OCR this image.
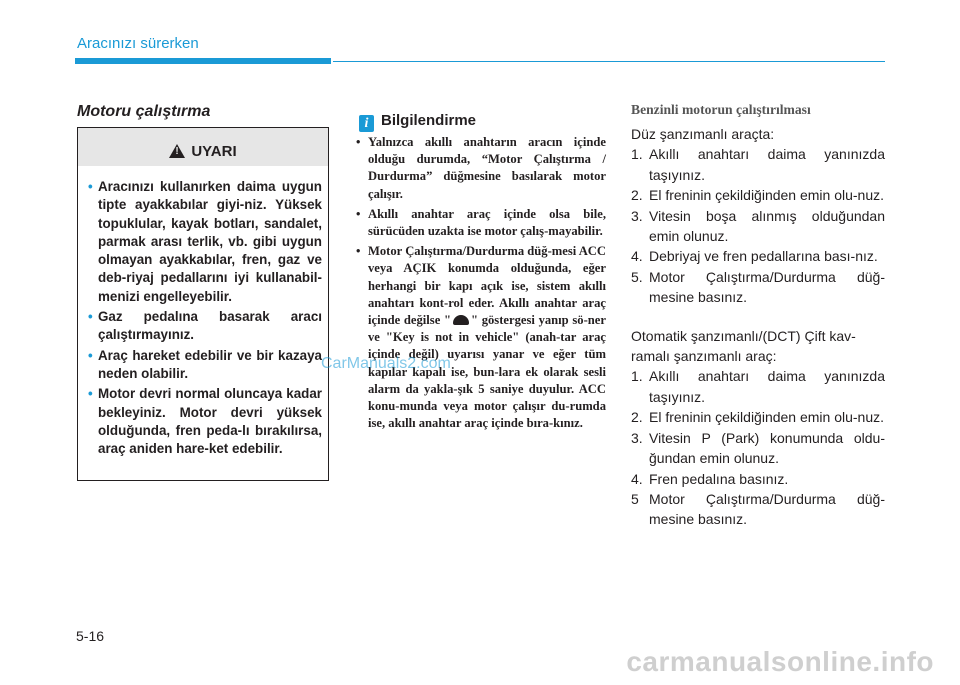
Aracınızı sürerken
Motoru çalıştırma
!UYARI
• Aracınızı kullanırken daima uygun tipte ayakkabılar giyi-niz. Yüksek topuklular, kayak botları, sandalet, parmak arası terlik, vb. gibi uygun olmayan ayakkabılar, fren, gaz ve deb-riyaj pedallarını iyi kullanabil-menizi engelleyebilir.
• Gaz pedalına basarak aracı çalıştırmayınız.
• Araç hareket edebilir ve bir kazaya neden olabilir.
• Motor devri normal oluncaya kadar bekleyiniz. Motor devri yüksek olduğunda, fren peda-lı bırakılırsa, araç aniden hare-ket edebilir.
i Bilgilendirme
• Yalnızca akıllı anahtarın aracın içinde olduğu durumda, “Motor Çalıştırma / Durdurma” düğmesine basılarak motor çalışır.
• Akıllı anahtar araç içinde olsa bile, sürücüden uzakta ise motor çalış-mayabilir.
• Motor Çalıştırma/Durdurma düğ-mesi ACC veya AÇIK konumda olduğunda, eğer herhangi bir kapı açık ise, sistem akıllı anahtarı kont-rol eder. Akıllı anahtar araç içinde değilse " " göstergesi yanıp sö-ner ve "Key is not in vehicle" (anah-tar araç içinde değil) uyarısı yanar ve eğer tüm kapılar kapalı ise, bun-lara ek olarak sesli alarm da yakla-şık 5 saniye duyulur. ACC konu-munda veya motor çalışır du-rumda ise, akıllı anahtar araç içinde bıra-kınız.
Benzinli motorun çalıştırılması

Düz şanzımanlı araçta:

1. Akıllı anahtarı daima yanınızda taşıyınız.
2. El freninin çekildiğinden emin olu-nuz.
3. Vitesin boşa alınmış olduğundan emin olunuz.
4. Debriyaj ve fren pedallarına bası-nız.
5. Motor Çalıştırma/Durdurma düğ-mesine basınız.

Otomatik şanzımanlı/(DCT) Çift kav-ramalı şanzımanlı araç:

1. Akıllı anahtarı daima yanınızda taşıyınız.
2. El freninin çekildiğinden emin olu-nuz.
3. Vitesin P (Park) konumunda oldu-ğundan emin olunuz.
4. Fren pedalına basınız.
5 Motor Çalıştırma/Durdurma düğ-mesine basınız.
CarManuals2.com
5-16
carmanualsonline.info
